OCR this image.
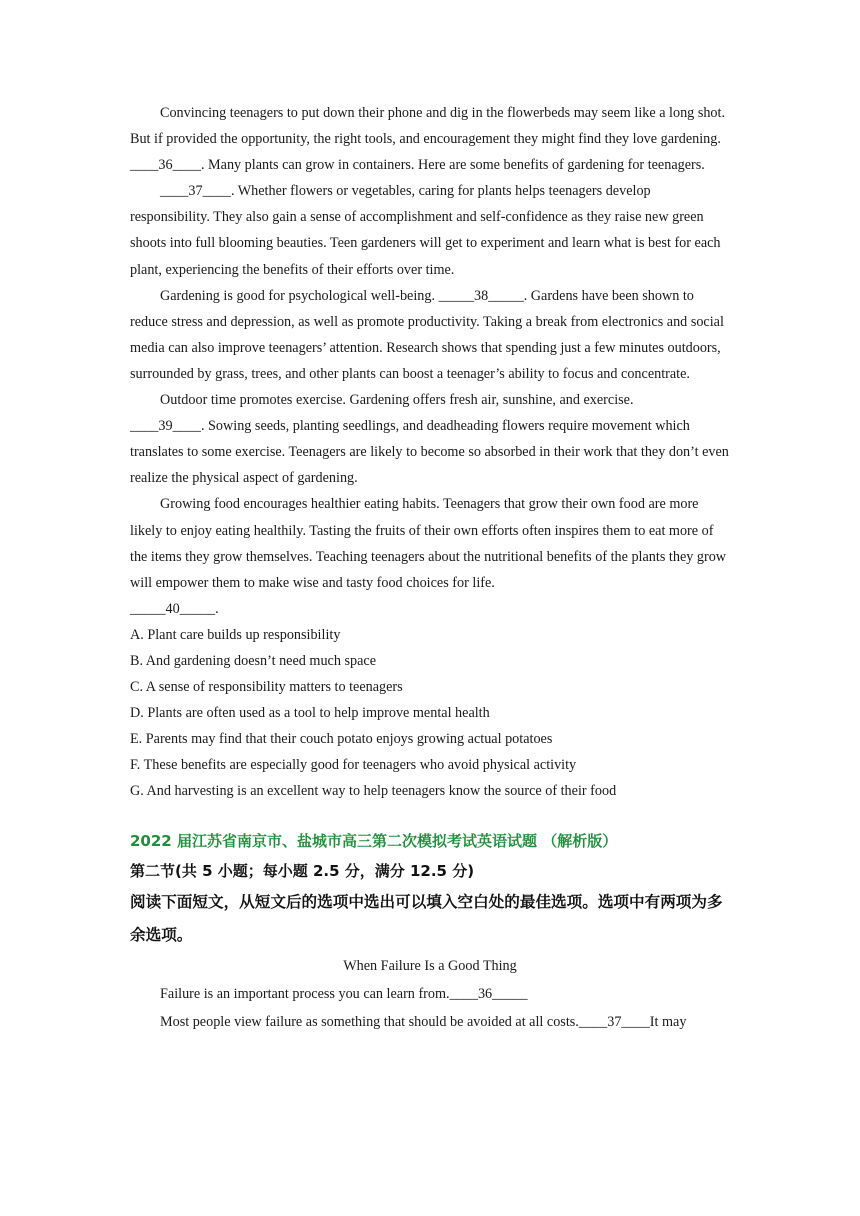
Convincing teenagers to put down their phone and dig in the flowerbeds may seem like a long shot. But if provided the opportunity, the right tools, and encouragement they might find they love gardening. ____36____. Many plants can grow in containers. Here are some benefits of gardening for teenagers.

____37____. Whether flowers or vegetables, caring for plants helps teenagers develop responsibility. They also gain a sense of accomplishment and self-confidence as they raise new green shoots into full blooming beauties. Teen gardeners will get to experiment and learn what is best for each plant, experiencing the benefits of their efforts over time.

Gardening is good for psychological well-being. _____38_____. Gardens have been shown to reduce stress and depression, as well as promote productivity. Taking a break from electronics and social media can also improve teenagers’ attention. Research shows that spending just a few minutes outdoors, surrounded by grass, trees, and other plants can boost a teenager’s ability to focus and concentrate.

Outdoor time promotes exercise. Gardening offers fresh air, sunshine, and exercise.

____39____. Sowing seeds, planting seedlings, and deadheading flowers require movement which translates to some exercise. Teenagers are likely to become so absorbed in their work that they don’t even realize the physical aspect of gardening.

Growing food encourages healthier eating habits. Teenagers that grow their own food are more likely to enjoy eating healthily. Tasting the fruits of their own efforts often inspires them to eat more of the items they grow themselves. Teaching teenagers about the nutritional benefits of the plants they grow will empower them to make wise and tasty food choices for life.

_____40_____.

A. Plant care builds up responsibility
B. And gardening doesn’t need much space
C. A sense of responsibility matters to teenagers
D. Plants are often used as a tool to help improve mental health
E. Parents may find that their couch potato enjoys growing actual potatoes
F. These benefits are especially good for teenagers who avoid physical activity
G. And harvesting is an excellent way to help teenagers know the source of their food
2022 届江苏省南京市、盐城市高三第二次模拟考试英语试题 （解析版）
第二节(共 5 小题；每小题 2.5 分，满分 12.5 分)
阅读下面短文，从短文后的选项中选出可以填入空白处的最佳选项。选项中有两项为多余选项。

When Failure Is a Good Thing

Failure is an important process you can learn from.____36_____

Most people view failure as something that should be avoided at all costs.____37____It may
